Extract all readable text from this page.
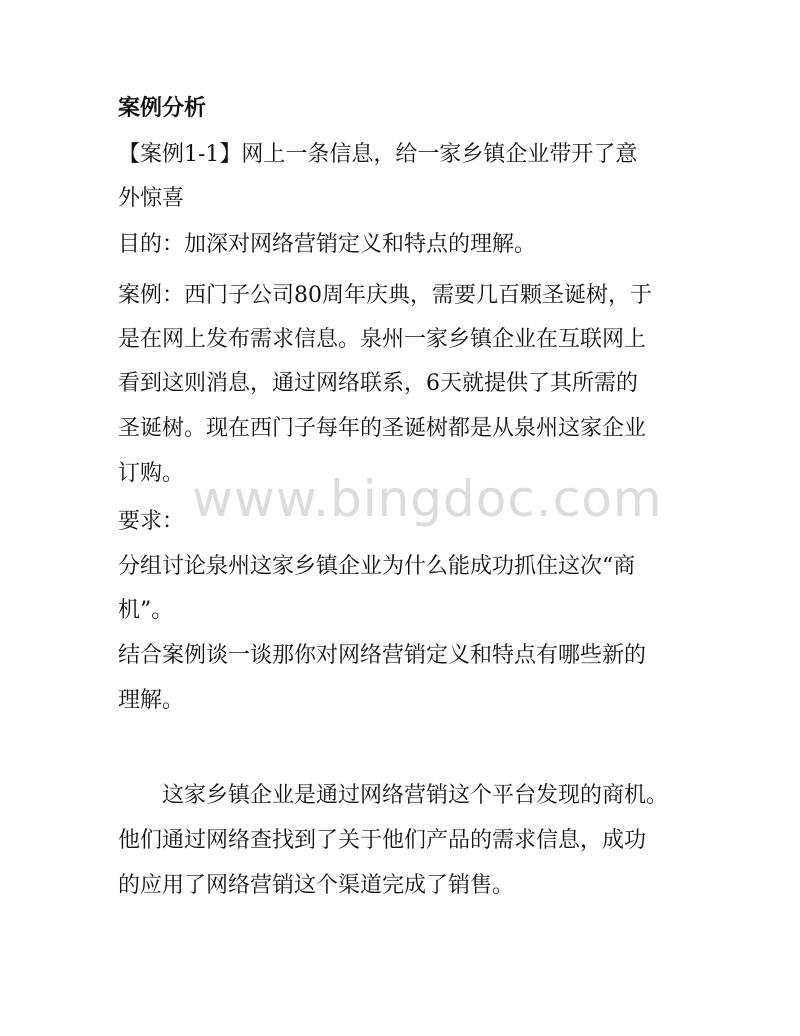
www.bingdoc.com

案例分析

【案例1-1】网上一条信息，给一家乡镇企业带开了意

外惊喜

目的：加深对网络营销定义和特点的理解。

案例：西门子公司80周年庆典，需要几百颗圣诞树，于

是在网上发布需求信息。泉州一家乡镇企业在互联网上

看到这则消息，通过网络联系，6天就提供了其所需的

圣诞树。现在西门子每年的圣诞树都是从泉州这家企业

订购。

要求：

分组讨论泉州这家乡镇企业为什么能成功抓住这次“商

机”。

结合案例谈一谈那你对网络营销定义和特点有哪些新的

理解。

这家乡镇企业是通过网络营销这个平台发现的商机。

他们通过网络查找到了关于他们产品的需求信息，成功

的应用了网络营销这个渠道完成了销售。
